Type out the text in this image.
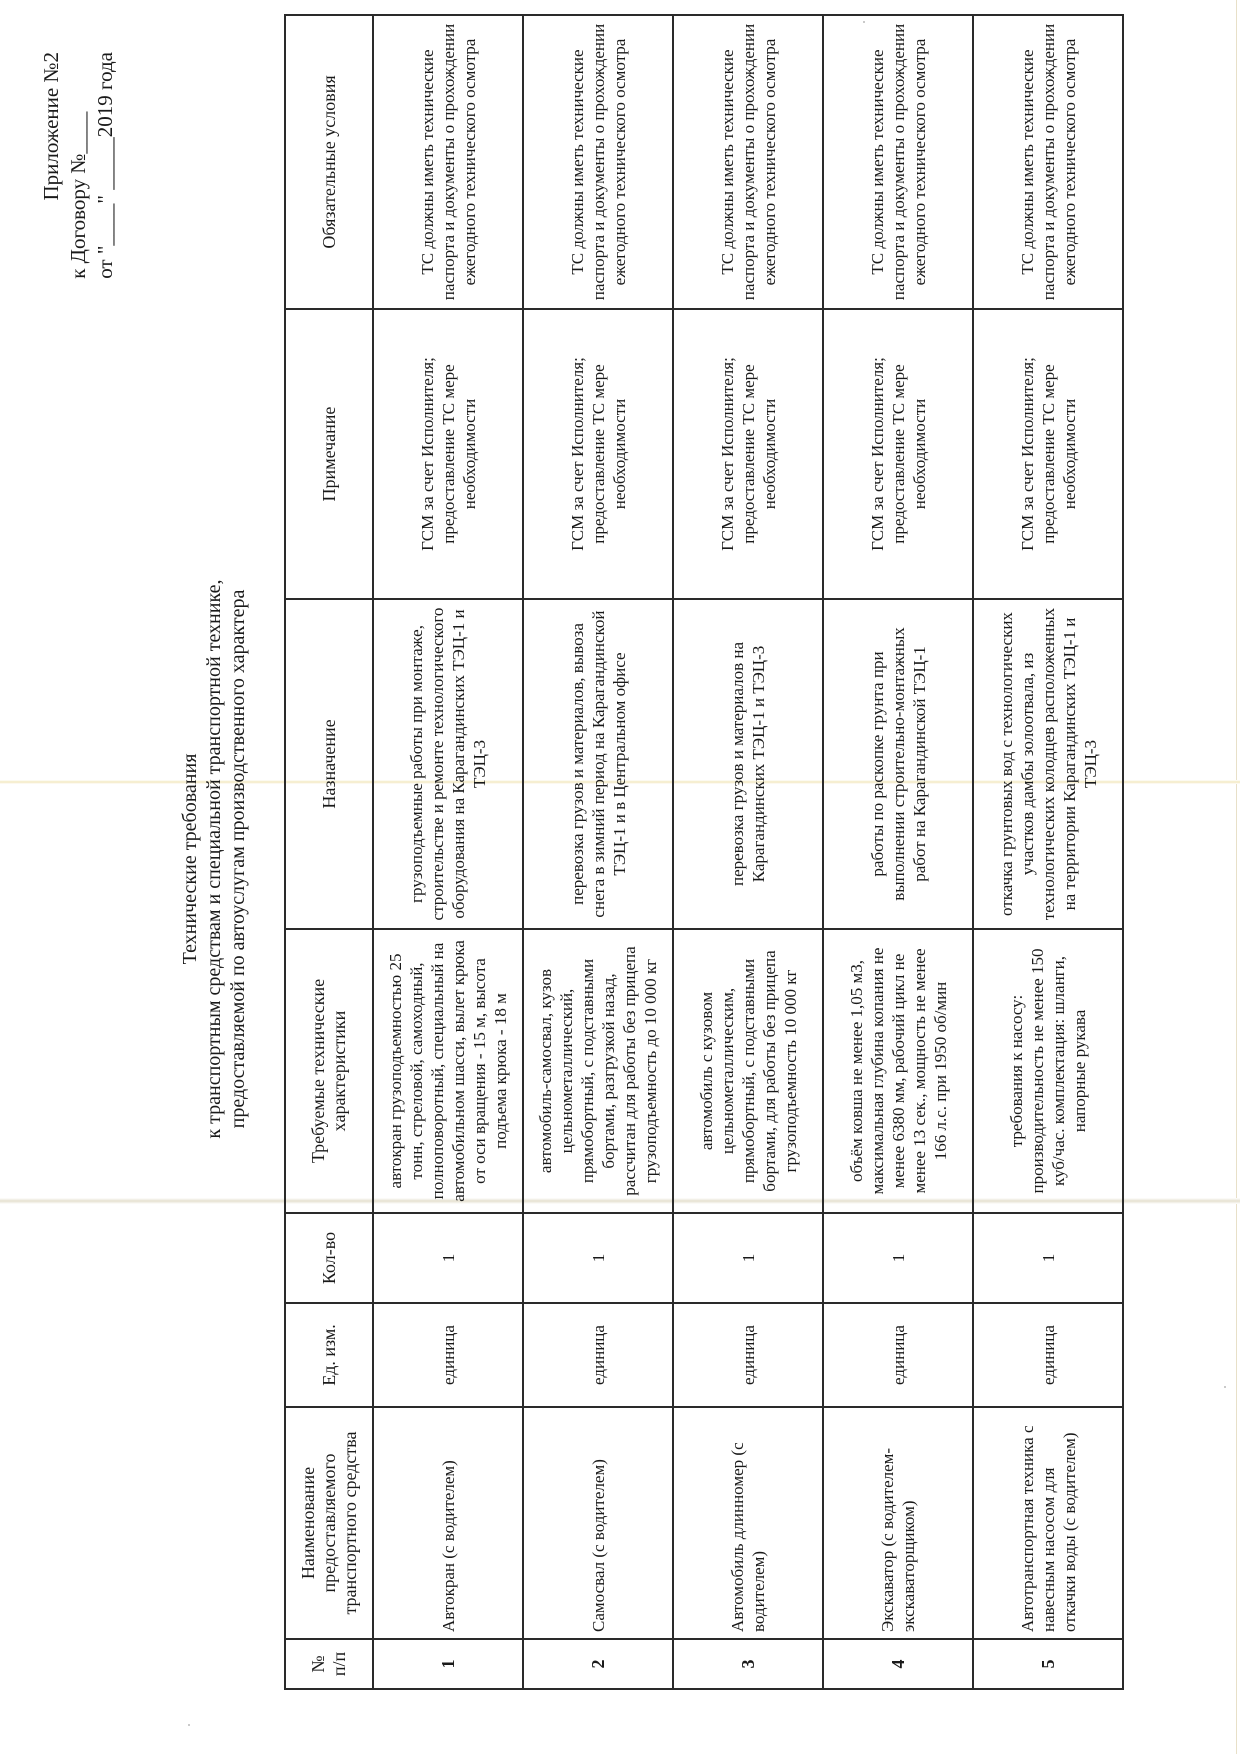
Приложение №2 к Договору №____ от "____" _____2019 года
Технические требования к транспортным средствам и специальной транспортной технике, предоставляемой по автоуслугам производственного характера
№ п/п	Наименование предоставляемого транспортного средства	Ед. изм.	Кол-во	Требуемые технические характеристики	Назначение	Примечание	Обязательные условия
1	Автокран (с водителем)	единица	1	автокран грузоподъемностью 25 тонн, стреловой, самоходный, полноповоротный, специальный на автомобильном шасси, вылет крюка от оси вращения - 15 м, высота подъема крюка - 18 м	грузоподъемные работы при монтаже, строительстве и ремонте технологического оборудования на Карагандинских ТЭЦ-1 и ТЭЦ-3	ГСМ за счет Исполнителя; предоставление ТС мере необходимости	ТС должны иметь технические паспорта и документы о прохождении ежегодного технического осмотра
2	Самосвал (с водителем)	единица	1	автомобиль-самосвал, кузов цельнометаллический, прямобортный, с подставными бортами, разгрузкой назад, рассчитан для работы без прицепа грузоподъемность до 10 000 кг	перевозка грузов и материалов, вывоза снега в зимний период на Карагандинской ТЭЦ-1 и в Центральном офисе	ГСМ за счет Исполнителя; предоставление ТС мере необходимости	ТС должны иметь технические паспорта и документы о прохождении ежегодного технического осмотра
3	Автомобиль длинномер (с водителем)	единица	1	автомобиль с кузовом цельнометаллическим, прямобортный, с подставными бортами, для работы без прицепа грузоподъемность 10 000 кг	перевозка грузов и материалов на Карагандинских ТЭЦ-1 и ТЭЦ-3	ГСМ за счет Исполнителя; предоставление ТС мере необходимости	ТС должны иметь технические паспорта и документы о прохождении ежегодного технического осмотра
4	Экскаватор (с водителем-экскаваторщиком)	единица	1	объём ковша не менее 1,05 м3, максимальная глубина копания не менее 6380 мм, рабочий цикл не менее 13 сек., мощность не менее 166 л.с. при 1950 об/мин	работы по раскопке грунта при выполнении строительно-монтажных работ на Карагандинской ТЭЦ-1	ГСМ за счет Исполнителя; предоставление ТС мере необходимости	ТС должны иметь технические паспорта и документы о прохождении ежегодного технического осмотра
5	Автотранспортная техника с навесным насосом для откачки воды (с водителем)	единица	1	требования к насосу: производительность не менее 150 куб/час. комплектация: шланги, напорные рукава	откачка грунтовых вод с технологических участков дамбы золоотвала, из технологических колодцев расположенных на территории Карагандинских ТЭЦ-1 и ТЭЦ-3	ГСМ за счет Исполнителя; предоставление ТС мере необходимости	ТС должны иметь технические паспорта и документы о прохождении ежегодного технического осмотра
